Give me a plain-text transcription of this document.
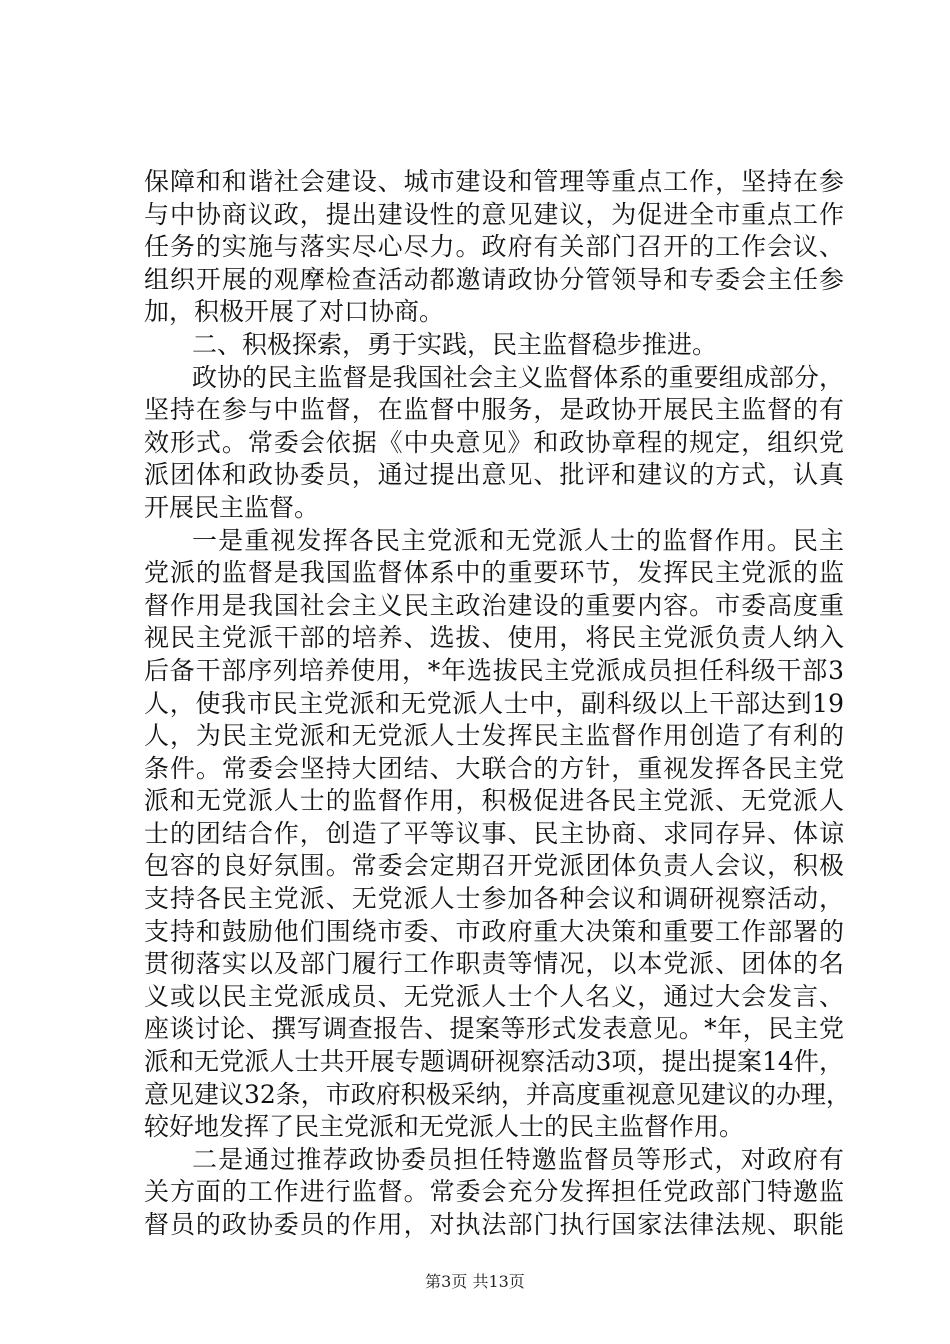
保障和和谐社会建设、城市建设和管理等重点工作，坚持在参
与中协商议政，提出建设性的意见建议，为促进全市重点工作
任务的实施与落实尽心尽力。政府有关部门召开的工作会议、
组织开展的观摩检查活动都邀请政协分管领导和专委会主任参
加，积极开展了对口协商。
二、积极探索，勇于实践，民主监督稳步推进。
政协的民主监督是我国社会主义监督体系的重要组成部分，
坚持在参与中监督，在监督中服务，是政协开展民主监督的有
效形式。常委会依据《中央意见》和政协章程的规定，组织党
派团体和政协委员，通过提出意见、批评和建议的方式，认真
开展民主监督。
一是重视发挥各民主党派和无党派人士的监督作用。民主
党派的监督是我国监督体系中的重要环节，发挥民主党派的监
督作用是我国社会主义民主政治建设的重要内容。市委高度重
视民主党派干部的培养、选拔、使用，将民主党派负责人纳入
后备干部序列培养使用，*年选拔民主党派成员担任科级干部3
人，使我市民主党派和无党派人士中，副科级以上干部达到19
人，为民主党派和无党派人士发挥民主监督作用创造了有利的
条件。常委会坚持大团结、大联合的方针，重视发挥各民主党
派和无党派人士的监督作用，积极促进各民主党派、无党派人
士的团结合作，创造了平等议事、民主协商、求同存异、体谅
包容的良好氛围。常委会定期召开党派团体负责人会议，积极
支持各民主党派、无党派人士参加各种会议和调研视察活动，
支持和鼓励他们围绕市委、市政府重大决策和重要工作部署的
贯彻落实以及部门履行工作职责等情况，以本党派、团体的名
义或以民主党派成员、无党派人士个人名义，通过大会发言、
座谈讨论、撰写调查报告、提案等形式发表意见。*年，民主党
派和无党派人士共开展专题调研视察活动3项，提出提案14件，
意见建议32条，市政府积极采纳，并高度重视意见建议的办理，
较好地发挥了民主党派和无党派人士的民主监督作用。
二是通过推荐政协委员担任特邀监督员等形式，对政府有
关方面的工作进行监督。常委会充分发挥担任党政部门特邀监
督员的政协委员的作用，对执法部门执行国家法律法规、职能
第3页 共13页
